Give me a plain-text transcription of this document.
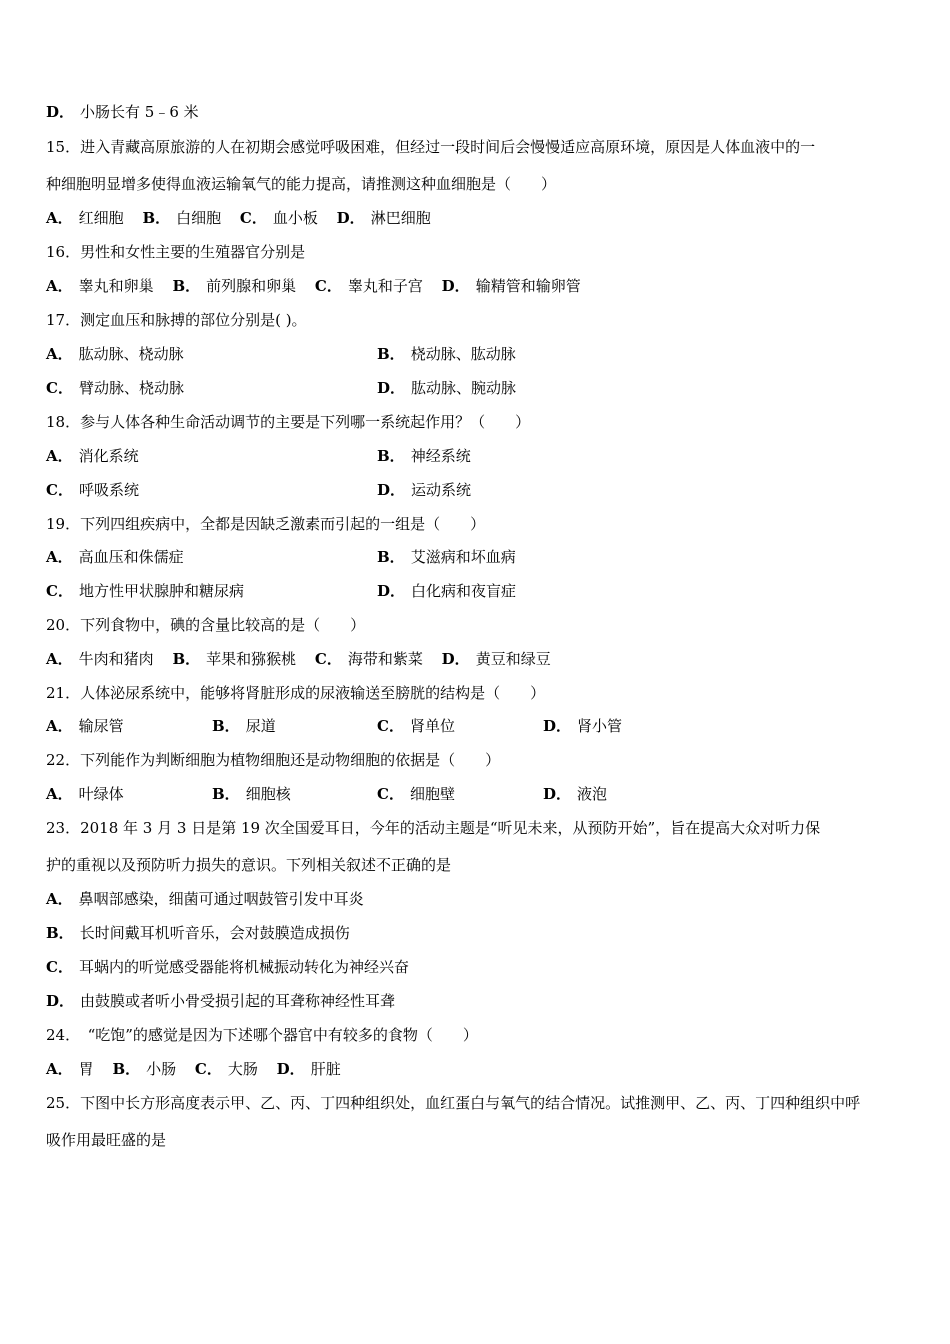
D． 小肠长有 5﹣6 米
15．进入青藏高原旅游的人在初期会感觉呼吸困难，但经过一段时间后会慢慢适应高原环境，原因是人体血液中的一
种细胞明显增多使得血液运输氧气的能力提高，请推测这种血细胞是（　　）
A． 红细胞 B． 白细胞 C． 血小板 D． 淋巴细胞
16．男性和女性主要的生殖器官分别是
A． 睾丸和卵巢 B． 前列腺和卵巢 C． 睾丸和子宫 D． 输精管和输卵管
17．测定血压和脉搏的部位分别是( )。
A． 肱动脉、桡动脉	B． 桡动脉、肱动脉
C． 臂动脉、桡动脉	D． 肱动脉、腕动脉
18．参与人体各种生命活动调节的主要是下列哪一系统起作用？（　　）
A． 消化系统	B． 神经系统
C． 呼吸系统	D． 运动系统
19．下列四组疾病中，全都是因缺乏激素而引起的一组是（　　）
A． 高血压和侏儒症	B． 艾滋病和坏血病
C． 地方性甲状腺肿和糖尿病	D． 白化病和夜盲症
20．下列食物中，碘的含量比较高的是（　　）
A． 牛肉和猪肉 B． 苹果和猕猴桃 C． 海带和紫菜 D． 黄豆和绿豆
21．人体泌尿系统中，能够将肾脏形成的尿液输送至膀胱的结构是（　　）
A． 输尿管	B． 尿道	C． 肾单位	D． 肾小管
22．下列能作为判断细胞为植物细胞还是动物细胞的依据是（　　）
A． 叶绿体	B． 细胞核	C． 细胞壁	D． 液泡
23．2018 年 3 月 3 日是第 19 次全国爱耳日，今年的活动主题是“听见未来，从预防开始”，旨在提高大众对听力保
护的重视以及预防听力损失的意识。下列相关叙述不正确的是
A． 鼻咽部感染，细菌可通过咽鼓管引发中耳炎
B． 长时间戴耳机听音乐，会对鼓膜造成损伤
C． 耳蜗内的听觉感受器能将机械振动转化为神经兴奋
D． 由鼓膜或者听小骨受损引起的耳聋称神经性耳聋
24．　“吃饱”的感觉是因为下述哪个器官中有较多的食物（　　）
A． 胃 B． 小肠 C． 大肠 D． 肝脏
25．下图中长方形高度表示甲、乙、丙、丁四种组织处，血红蛋白与氧气的结合情况。试推测甲、乙、丙、丁四种组织中呼
吸作用最旺盛的是
